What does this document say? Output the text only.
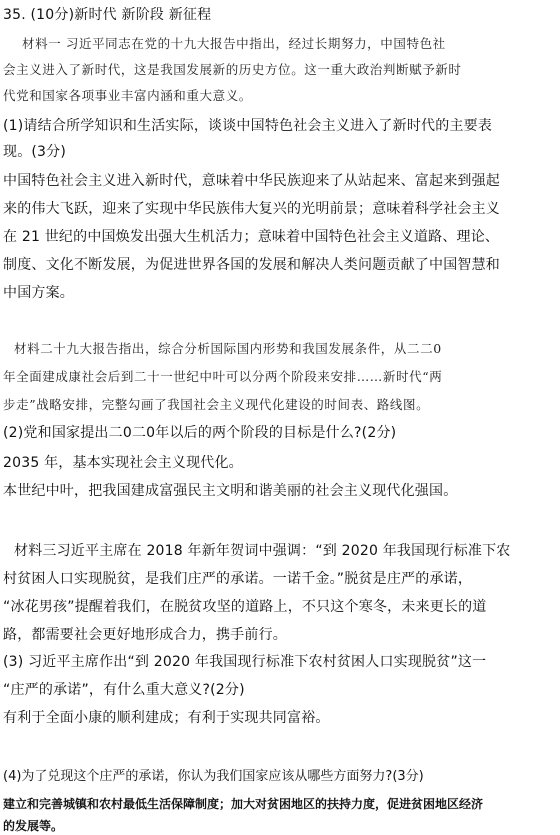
35. (10分)新时代 新阶段 新征程
材料一 习近平同志在党的十九大报告中指出，经过长期努力，中国特色社
会主义进入了新时代，这是我国发展新的历史方位。这一重大政治判断赋予新时
代党和国家各项事业丰富内涵和重大意义。
(1)请结合所学知识和生活实际，谈谈中国特色社会主义进入了新时代的主要表
现。(3分)
中国特色社会主义进入新时代，意味着中华民族迎来了从站起来、富起来到强起
来的伟大飞跃，迎来了实现中华民族伟大复兴的光明前景；意味着科学社会主义
在 21 世纪的中国焕发出强大生机活力；意味着中国特色社会主义道路、理论、
制度、文化不断发展，为促进世界各国的发展和解决人类问题贡献了中国智慧和
中国方案。
材料二十九大报告指出，综合分析国际国内形势和我国发展条件，从二二0
年全面建成康社会后到二十一世纪中叶可以分两个阶段来安排……新时代“两
步走”战略安排，完整勾画了我国社会主义现代化建设的时间表、路线图。
(2)党和国家提出二0二0年以后的两个阶段的目标是什么?(2分)
2035 年，基本实现社会主义现代化。
本世纪中叶，把我国建成富强民主文明和谐美丽的社会主义现代化强国。
材料三习近平主席在 2018 年新年贺词中强调：“到 2020 年我国现行标准下农
村贫困人口实现脱贫，是我们庄严的承诺。一诺千金。”脱贫是庄严的承诺，
“冰花男孩”提醒着我们，在脱贫攻坚的道路上，不只这个寒冬，未来更长的道
路，都需要社会更好地形成合力，携手前行。
(3) 习近平主席作出“到 2020 年我国现行标准下农村贫困人口实现脱贫”这一
“庄严的承诺”，有什么重大意义?(2分)
有利于全面小康的顺利建成；有利于实现共同富裕。
(4)为了兑现这个庄严的承诺，你认为我们国家应该从哪些方面努力?(3分)
建立和完善城镇和农村最低生活保障制度；加大对贫困地区的扶持力度，促进贫困地区经济
的发展等。
